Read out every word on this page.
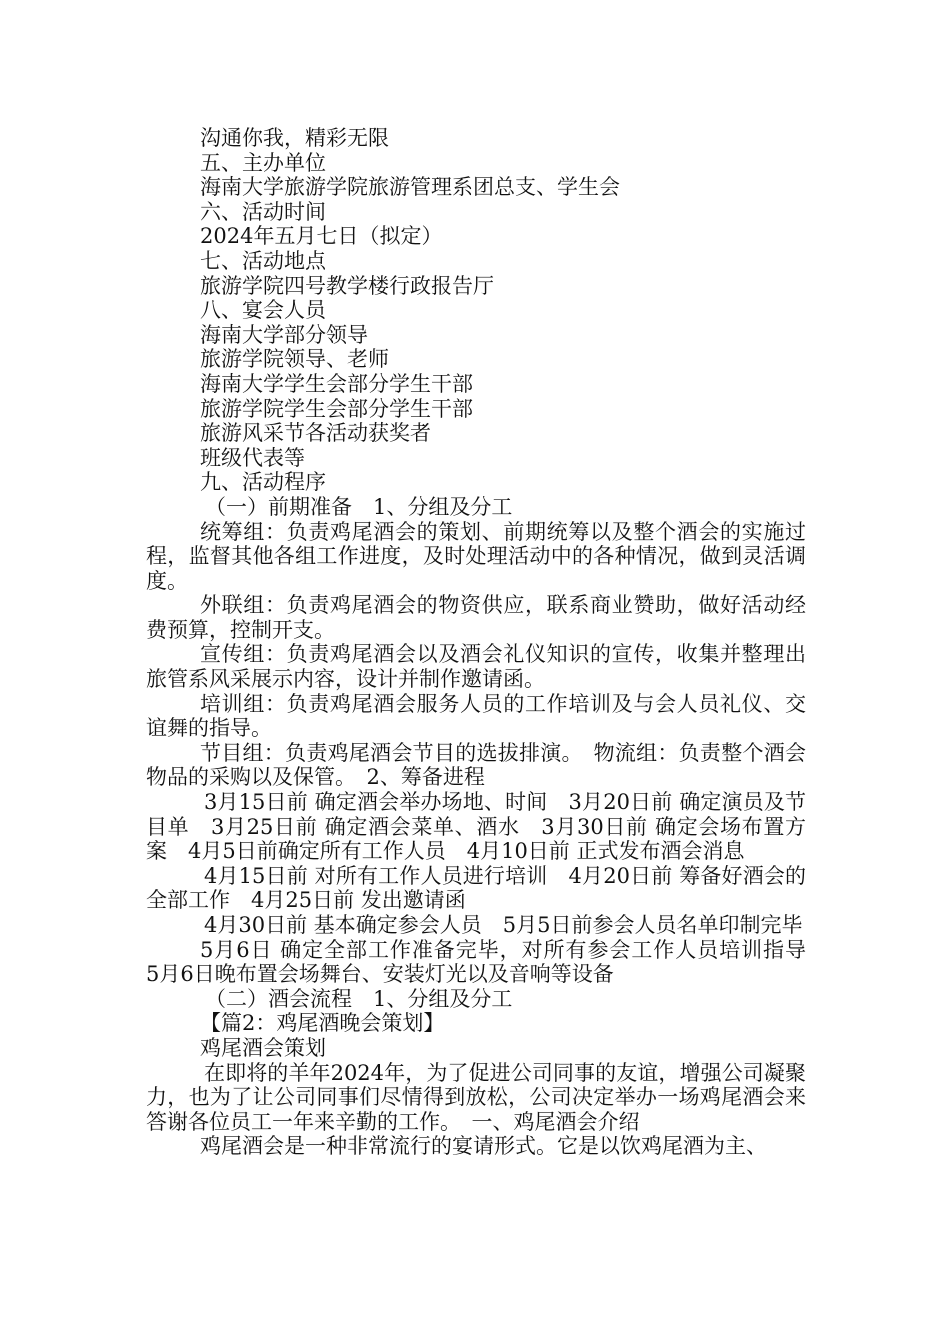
沟通你我，精彩无限

五、主办单位

海南大学旅游学院旅游管理系团总支、学生会

六、活动时间

2024年五月七日（拟定）

七、活动地点

旅游学院四号教学楼行政报告厅

八、宴会人员

海南大学部分领导

旅游学院领导、老师

海南大学学生会部分学生干部

旅游学院学生会部分学生干部

旅游风采节各活动获奖者

班级代表等

九、活动程序

（一）前期准备　1、分组及分工

统筹组：负责鸡尾酒会的策划、前期统筹以及整个酒会的实施过程，监督其他各组工作进度，及时处理活动中的各种情况，做到灵活调度。

外联组：负责鸡尾酒会的物资供应，联系商业赞助，做好活动经费预算，控制开支。

宣传组：负责鸡尾酒会以及酒会礼仪知识的宣传，收集并整理出旅管系风采展示内容，设计并制作邀请函。

培训组：负责鸡尾酒会服务人员的工作培训及与会人员礼仪、交谊舞的指导。

节目组：负责鸡尾酒会节目的选拔排演。　物流组：负责整个酒会物品的采购以及保管。　2、筹备进程

3月15日前 确定酒会举办场地、时间　3月20日前 确定演员及节目单　3月25日前 确定酒会菜单、酒水　3月30日前 确定会场布置方案　4月5日前确定所有工作人员　4月10日前 正式发布酒会消息

4月15日前 对所有工作人员进行培训　4月20日前 筹备好酒会的全部工作　4月25日前 发出邀请函

4月30日前 基本确定参会人员　5月5日前参会人员名单印制完毕

5月6日 确定全部工作准备完毕，对所有参会工作人员培训指导　5月6日晚布置会场舞台、安装灯光以及音响等设备

（二）酒会流程　1、分组及分工

【篇2：鸡尾酒晚会策划】

鸡尾酒会策划

在即将的羊年2024年，为了促进公司同事的友谊，增强公司凝聚力，也为了让公司同事们尽情得到放松，公司决定举办一场鸡尾酒会来答谢各位员工一年来辛勤的工作。　一、鸡尾酒会介绍

鸡尾酒会是一种非常流行的宴请形式。它是以饮鸡尾酒为主、
